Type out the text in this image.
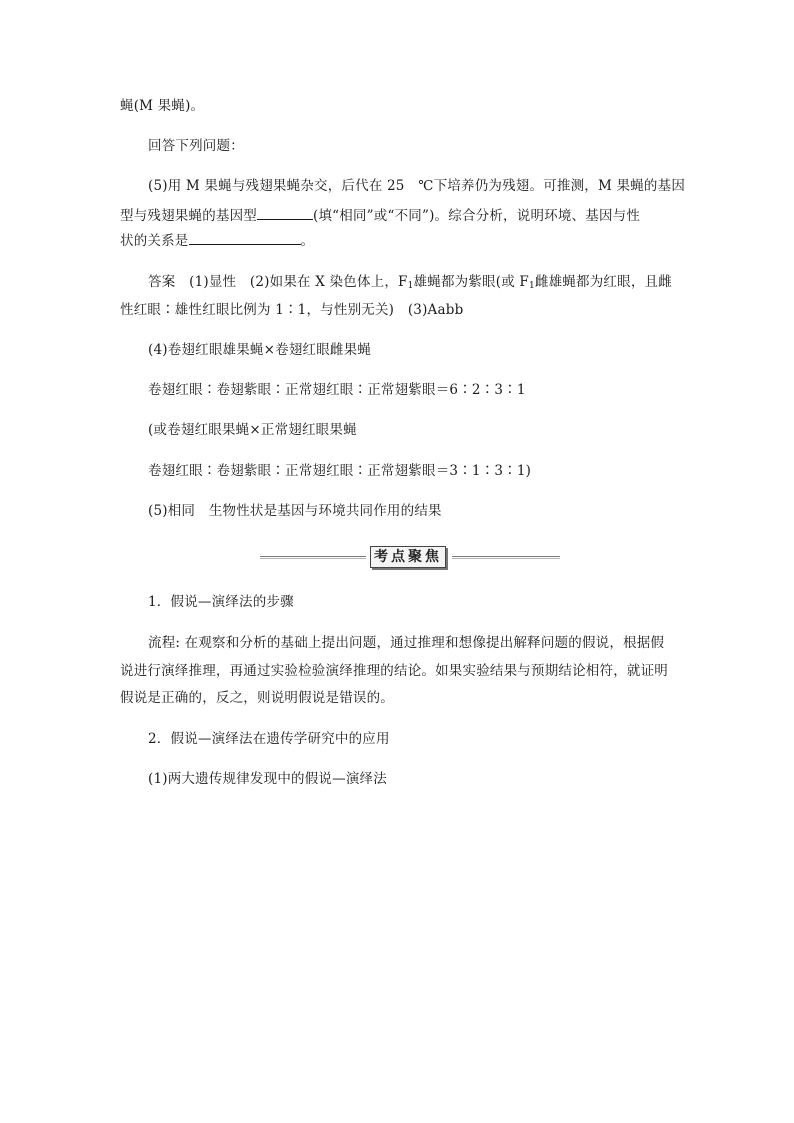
蝇(M 果蝇)。
回答下列问题：
(5)用 M 果蝇与残翅果蝇杂交，后代在 25　℃下培养仍为残翅。可推测，M 果蝇的基因
型与残翅果蝇的基因型	(填“相同”或“不同”)。综合分析，说明环境、基因与性
状的关系是	。
答案　(1)显性　(2)如果在 X 染色体上，$F_1$雄蝇都为紫眼(或 $F_1$雌雄蝇都为红眼，且雌
性红眼∶雄性红眼比例为 1∶1，与性别无关)　(3)Aabb
(4)卷翅红眼雄果蝇×卷翅红眼雌果蝇
卷翅红眼∶卷翅紫眼∶正常翅红眼∶正常翅紫眼＝6∶2∶3∶1
(或卷翅红眼果蝇×正常翅红眼果蝇
卷翅红眼∶卷翅紫眼∶正常翅红眼∶正常翅紫眼＝3∶1∶3∶1)
(5)相同　生物性状是基因与环境共同作用的结果
1．假说—演绎法的步骤
流程: 在观察和分析的基础上提出问题，通过推理和想像提出解释问题的假说，根据假
说进行演绎推理，再通过实验检验演绎推理的结论。如果实验结果与预期结论相符，就证明
假说是正确的，反之，则说明假说是错误的。
2．假说—演绎法在遗传学研究中的应用
(1)两大遗传规律发现中的假说—演绎法
考点聚焦
